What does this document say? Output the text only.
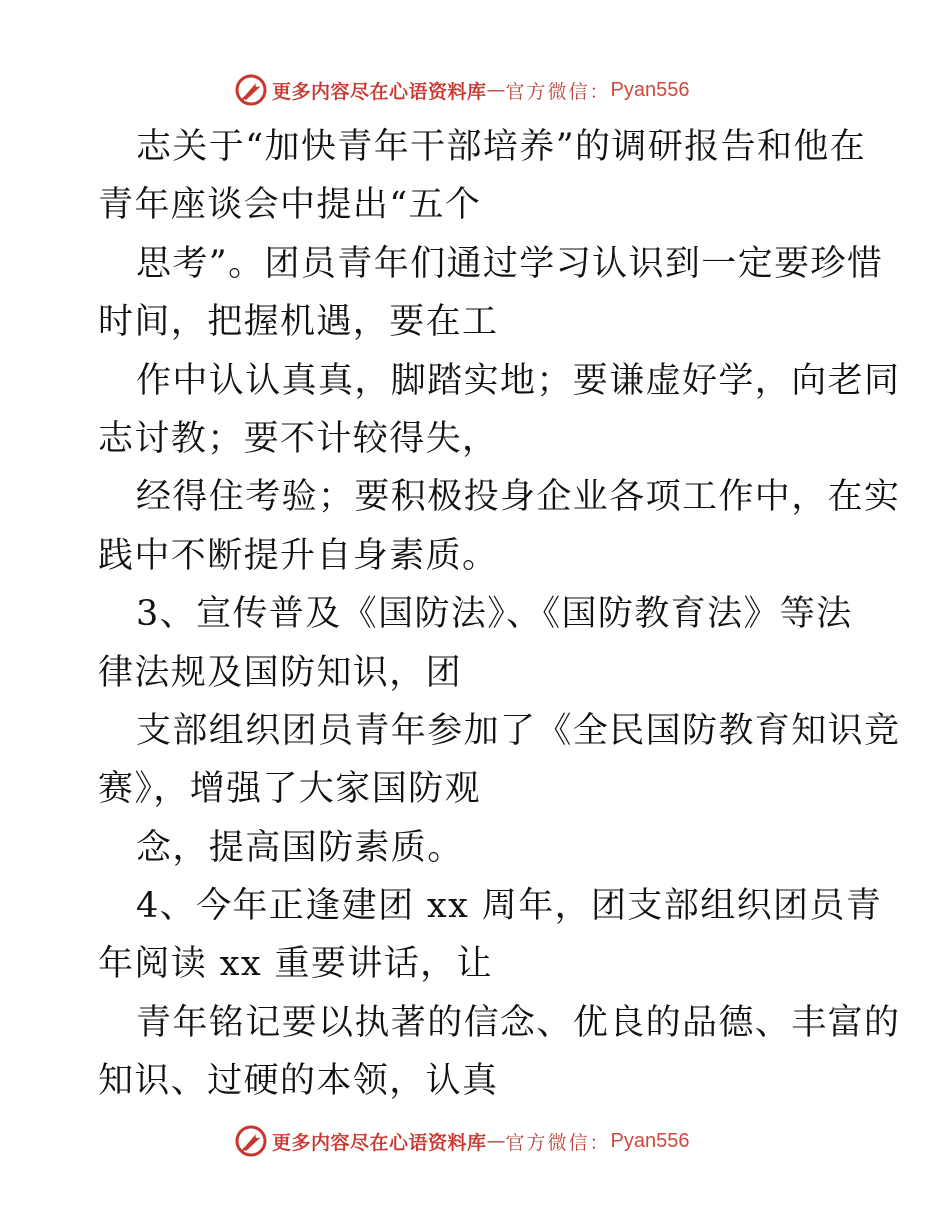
更多内容尽在心语资料库 — 官方微信： Pyan556
志关于“加快青年干部培养”的调研报告和他在
青年座谈会中提出“五个
思考”。团员青年们通过学习认识到一定要珍惜
时间，把握机遇，要在工
作中认认真真，脚踏实地；要谦虚好学，向老同
志讨教；要不计较得失，
经得住考验；要积极投身企业各项工作中，在实
践中不断提升自身素质。
3、宣传普及《国防法》、《国防教育法》等法
律法规及国防知识，团
支部组织团员青年参加了《全民国防教育知识竞
赛》，增强了大家国防观
念，提高国防素质。
4、今年正逢建团 xx 周年，团支部组织团员青
年阅读 xx 重要讲话，让
青年铭记要以执著的信念、优良的品德、丰富的
知识、过硬的本领，认真
更多内容尽在心语资料库 — 官方微信： Pyan556
